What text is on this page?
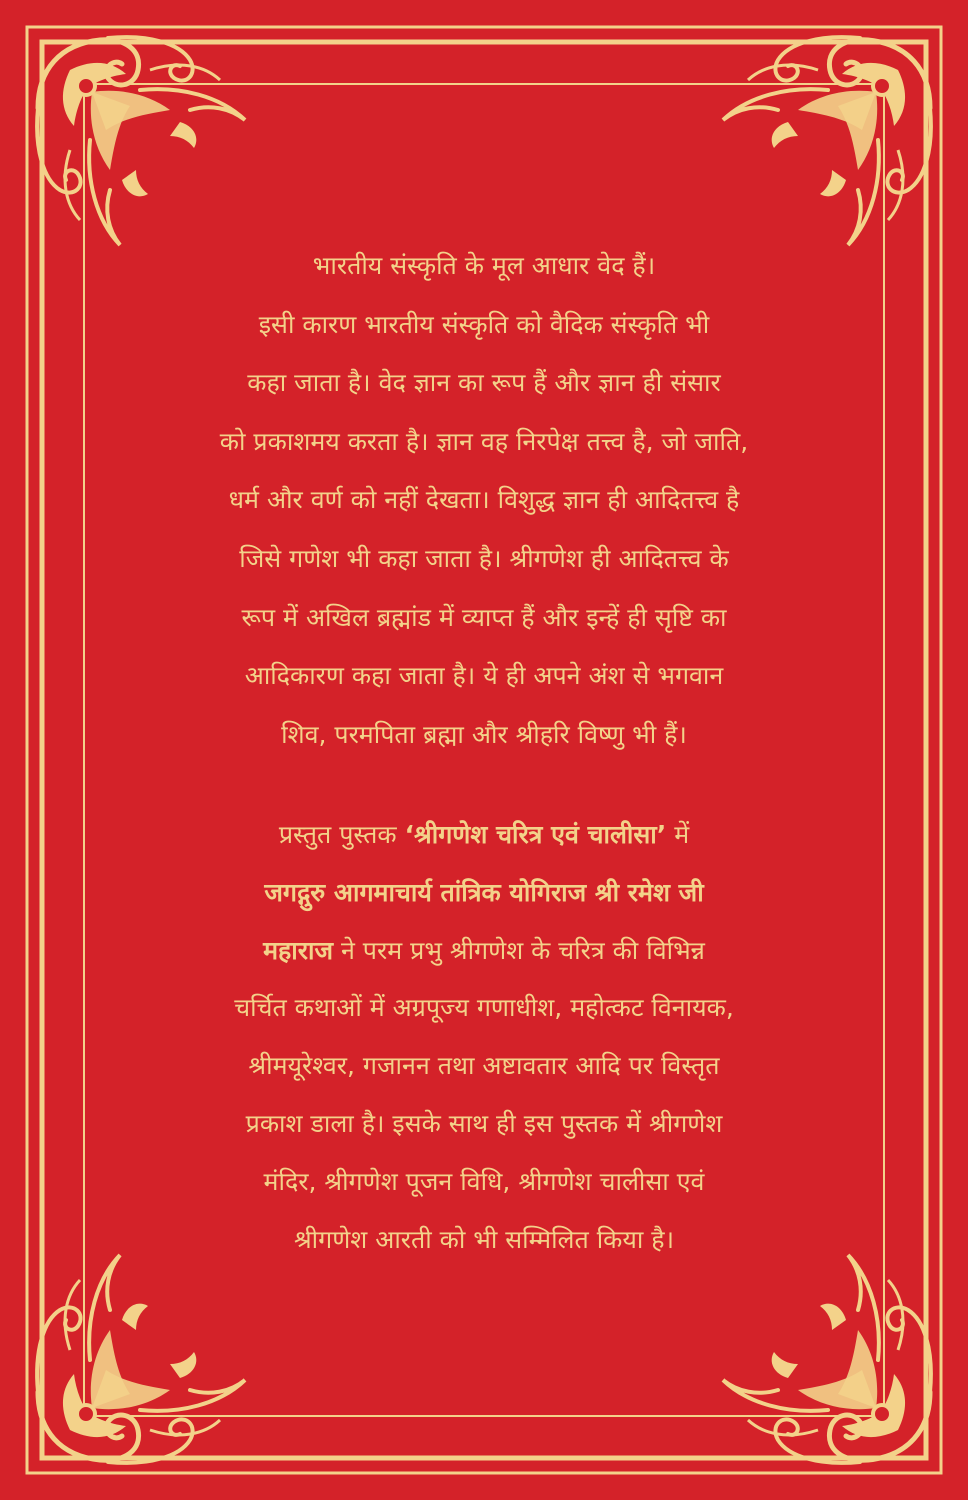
भारतीय संस्कृति के मूल आधार वेद हैं।
इसी कारण भारतीय संस्कृति को वैदिक संस्कृति भी
कहा जाता है। वेद ज्ञान का रूप हैं और ज्ञान ही संसार
को प्रकाशमय करता है। ज्ञान वह निरपेक्ष तत्त्व है, जो जाति,
धर्म और वर्ण को नहीं देखता। विशुद्ध ज्ञान ही आदितत्त्व है
जिसे गणेश भी कहा जाता है। श्रीगणेश ही आदितत्त्व के
रूप में अखिल ब्रह्मांड में व्याप्त हैं और इन्हें ही सृष्टि का
आदिकारण कहा जाता है। ये ही अपने अंश से भगवान
शिव, परमपिता ब्रह्मा और श्रीहरि विष्णु भी हैं।
प्रस्तुत पुस्तक ‘श्रीगणेश चरित्र एवं चालीसा’ में
जगद्गुरु आगमाचार्य तांत्रिक योगिराज श्री रमेश जी
महाराज ने परम प्रभु श्रीगणेश के चरित्र की विभिन्न
चर्चित कथाओं में अग्रपूज्य गणाधीश, महोत्कट विनायक,
श्रीमयूरेश्वर, गजानन तथा अष्टावतार आदि पर विस्तृत
प्रकाश डाला है। इसके साथ ही इस पुस्तक में श्रीगणेश
मंदिर, श्रीगणेश पूजन विधि, श्रीगणेश चालीसा एवं
श्रीगणेश आरती को भी सम्मिलित किया है।
